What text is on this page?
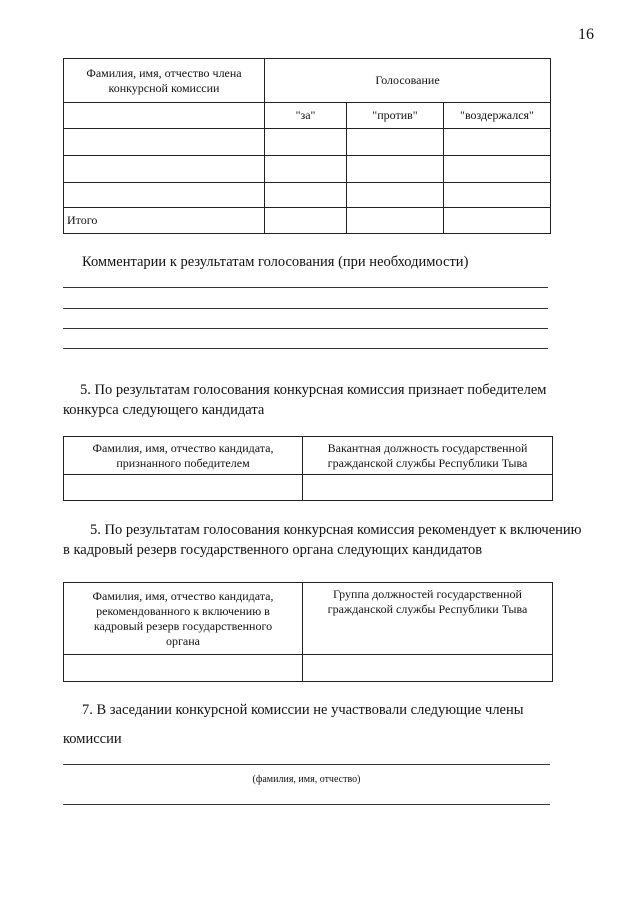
16
Фамилия, имя, отчество члена конкурсной комиссии	Голосование		
	"за"	"против"	"воздержался"

Итого			
Комментарии к результатам голосования (при необходимости)
5. По результатам голосования конкурсная комиссия признает победителем конкурса следующего кандидата
Фамилия, имя, отчество кандидата, признанного победителем	Вакантная должность государственной гражданской службы Республики Тыва

5. По результатам голосования конкурсная комиссия рекомендует к включению в кадровый резерв государственного органа следующих кандидатов
Фамилия, имя, отчество кандидата, рекомендованного к включению в кадровый резерв государственного органа	Группа должностей государственной гражданской службы Республики Тыва

7. В заседании конкурсной комиссии не участвовали следующие члены
комиссии
(фамилия, имя, отчество)
